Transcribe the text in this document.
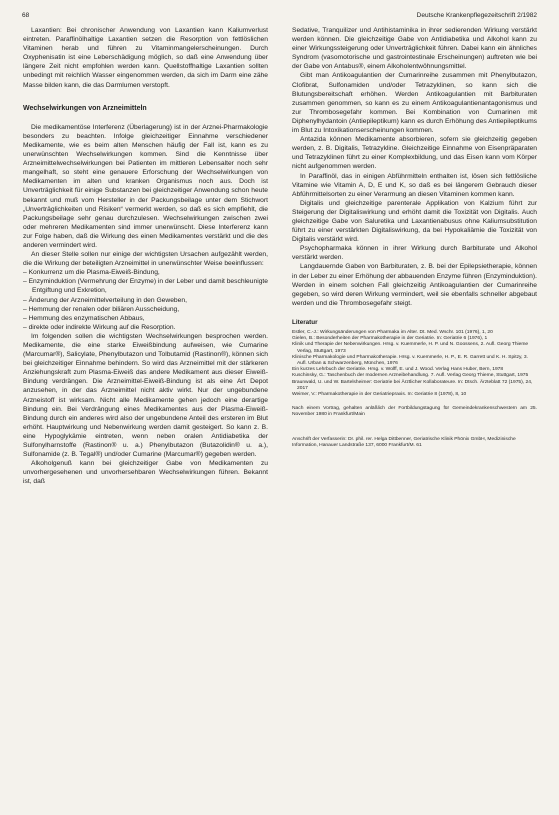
68	Deutsche Krankenpflegezeitschrift 2/1982

Laxantien: Bei chronischer Anwendung von Laxantien kann Kaliumverlust eintreten. Paraffinölhaltige Laxantien setzen die Resorption von fettlöslichen Vitaminen herab und führen zu Vitaminmangelerscheinungen. Durch Oxyphenisatin ist eine Leberschädigung möglich, so daß eine Anwendung über längere Zeit nicht empfohlen werden kann. Quellstoffhaltige Laxantien sollten unbedingt mit reichlich Wasser eingenommen werden, da sich im Darm eine zähe Masse bilden kann, die das Darmlumen verstopft.

Wechselwirkungen von Arzneimitteln

Die medikamentöse Interferenz (Überlagerung) ist in der Arznei-Pharmakologie besonders zu beachten. Infolge gleichzeitiger Einnahme verschiedener Medikamente, wie es beim alten Menschen häufig der Fall ist, kann es zu unerwünschten Wechselwirkungen kommen. Sind die Kenntnisse über Arzneimittelwechselwirkungen bei Patienten im mittleren Lebensalter noch sehr mangelhaft, so steht eine genauere Erforschung der Wechselwirkungen von Medikamenten im alten und kranken Organismus noch aus. Doch ist Unverträglichkeit für einige Substanzen bei gleichzeitiger Anwendung schon heute bekannt und muß vom Hersteller in der Packungsbeilage unter dem Stichwort „Unverträglichkeiten und Risiken“ vermerkt werden, so daß es sich empfiehlt, die Packungsbeilage sehr genau durchzulesen. Wechselwirkungen zwischen zwei oder mehreren Medikamenten sind immer unerwünscht. Diese Interferenz kann zur Folge haben, daß die Wirkung des einen Medikamentes verstärkt und die des anderen vermindert wird.

An dieser Stelle sollen nur einige der wichtigsten Ursachen aufgezählt werden, die die Wirkung der beteiligten Arzneimittel in unerwünschter Weise beeinflussen:

– Konkurrenz um die Plasma-Eiweiß-Bindung,
– Enzyminduktion (Vermehrung der Enzyme) in der Leber und damit beschleunigte Entgiftung und Exkretion,
– Änderung der Arzneimittelverteilung in den Geweben,
– Hemmung der renalen oder biliären Ausscheidung,
– Hemmung des enzymatischen Abbaus,
– direkte oder indirekte Wirkung auf die Resorption.

Im folgenden sollen die wichtigsten Wechselwirkungen besprochen werden. Medikamente, die eine starke Eiweißbindung aufweisen, wie Cumarine (Marcumar®), Salicylate, Phenylbutazon und Tolbutamid (Rastinon®), können sich bei gleichzeitiger Einnahme behindern. So wird das Arzneimittel mit der stärkeren Anziehungskraft zum Plasma-Eiweiß das andere Medikament aus dieser Eiweiß-Bindung verdrängen. Die Arzneimittel-Eiweiß-Bindung ist als eine Art Depot anzusehen, in der das Arzneimittel nicht aktiv wirkt. Nur der ungebundene Arzneistoff ist wirksam. Nicht alle Medikamente gehen jedoch eine derartige Bindung ein. Bei Verdrängung eines Medikamentes aus der Plasma-Eiweiß-Bindung durch ein anderes wird also der ungebundene Anteil des ersteren im Blut erhöht. Hauptwirkung und Nebenwirkung werden damit gesteigert. So kann z. B. eine Hypoglykämie eintreten, wenn neben oralen Antidiabetika der Sulfonylharnstoffe (Rastinon® u. a.) Phenylbutazon (Butazolidin® u. a.), Sulfonamide (z. B. Tegal®) und/oder Cumarine (Marcumar®) gegeben werden.

Alkoholgenuß kann bei gleichzeitiger Gabe von Medikamenten zu unvorhergesehenen und unvorhersehbaren Wechselwirkungen führen. Bekannt ist, daß

Sedative, Tranquilizer und Antihistaminika in ihrer sedierenden Wirkung verstärkt werden können. Die gleichzeitige Gabe von Antidiabetika und Alkohol kann zu einer Wirkungssteigerung oder Unverträglichkeit führen. Dabei kann ein ähnliches Syndrom (vasomotorische und gastrointestinale Erscheinungen) auftreten wie bei der Gabe von Antabus®, einem Alkoholentwöhnungsmittel.

Gibt man Antikoagulantien der Cumarinreihe zusammen mit Phenylbutazon, Clofibrat, Sulfonamiden und/oder Tetrazyklinen, so kann sich die Blutungsbereitschaft erhöhen. Werden Antikoagulantien mit Barbituraten zusammen genommen, so kann es zu einem Antikoagulantienantagonismus und zur Thrombosegefahr kommen. Bei Kombination von Cumarinen mit Diphenylhydantoin (Antiepileptikum) kann es durch Erhöhung des Antiepileptikums im Blut zu Intoxikationserscheinungen kommen.

Antazida können Medikamente absorbieren, sofern sie gleichzeitig gegeben werden, z. B. Digitalis, Tetrazykline. Gleichzeitige Einnahme von Eisenpräparaten und Tetrazyklinen führt zu einer Komplexbildung, und das Eisen kann vom Körper nicht aufgenommen werden.

In Paraffinöl, das in einigen Abführmitteln enthalten ist, lösen sich fettlösliche Vitamine wie Vitamin A, D, E und K, so daß es bei längerem Gebrauch dieser Abführmittelsorten zu einer Verarmung an diesen Vitaminen kommen kann.

Digitalis und gleichzeitige parenterale Applikation von Kalzium führt zur Steigerung der Digitaliswirkung und erhöht damit die Toxizität von Digitalis. Auch gleichzeitige Gabe von Saluretika und Laxantienabusus ohne Kaliumsubstitution führt zu einer verstärkten Digitaliswirkung, da bei Hypokaliämie die Toxizität von Digitalis verstärkt wird.

Psychopharmaka können in ihrer Wirkung durch Barbiturate und Alkohol verstärkt werden.

Langdauernde Gaben von Barbituraten, z. B. bei der Epilepsietherapie, können in der Leber zu einer Erhöhung der abbauenden Enzyme führen (Enzyminduktion). Werden in einem solchen Fall gleichzeitig Antikoagulantien der Cumarinreihe gegeben, so wird deren Wirkung vermindert, weil sie ebenfalls schneller abgebaut werden und die Thrombosegefahr steigt.

Literatur

Estler, C.-J.: Wirkungsänderungen von Pharmaka im Alter. Dt. Med. Wschr. 101 (1976), 1, 20
Gielen, B.: Besonderheiten der Pharmakotherapie in der Geriatrie. In: Geriatrie 6 (1976), 1
Klinik und Therapie der Nebenwirkungen. Hrsg. v. Kuemmerle, H. P. und N. Goossens, 2. Aufl. Georg Thieme Verlag, Stuttgart, 1973
Klinische Pharmakologie und Pharmakotherapie. Hrsg. v. Kuemmerle, H. P., E. R. Garrett und K. H. Spitzy, 3. Aufl. Urban & Schwarzenberg, München, 1976
Ein kurzes Lehrbuch der Geriatrie. Hrsg. v. Wolff, E. und J. Wood. Verlag Hans Huber, Bern, 1978
Kuschinsky, G.: Taschenbuch der modernen Arzneibehandlung. 7. Aufl. Verlag Georg Thieme, Stuttgart, 1975
Braunwald, U. und W. Bartelsheimer: Geriatrie bei Ärztlicher Kollaborateure. In: Dtsch. Ärzteblatt 72 (1975), 24, 2017
Weimer, V.: Pharmakotherapie in der Geriatriepraxis. In: Geriatrie 8 (1978), 8, 10

Nach einem Vortrag, gehalten anläßlich der Fortbildungstagung für Gemeindekrankenschwestern am 25. November 1980 in Frankfurt/Main

Anschrift der Verfasserin: Dr. phil. rer. Helga Dittbenner, Geriatrische Klinik Phönix GmbH, Medizinische Information, Hanauer Landstraße 137, 6000 Frankfurt/M. 61
